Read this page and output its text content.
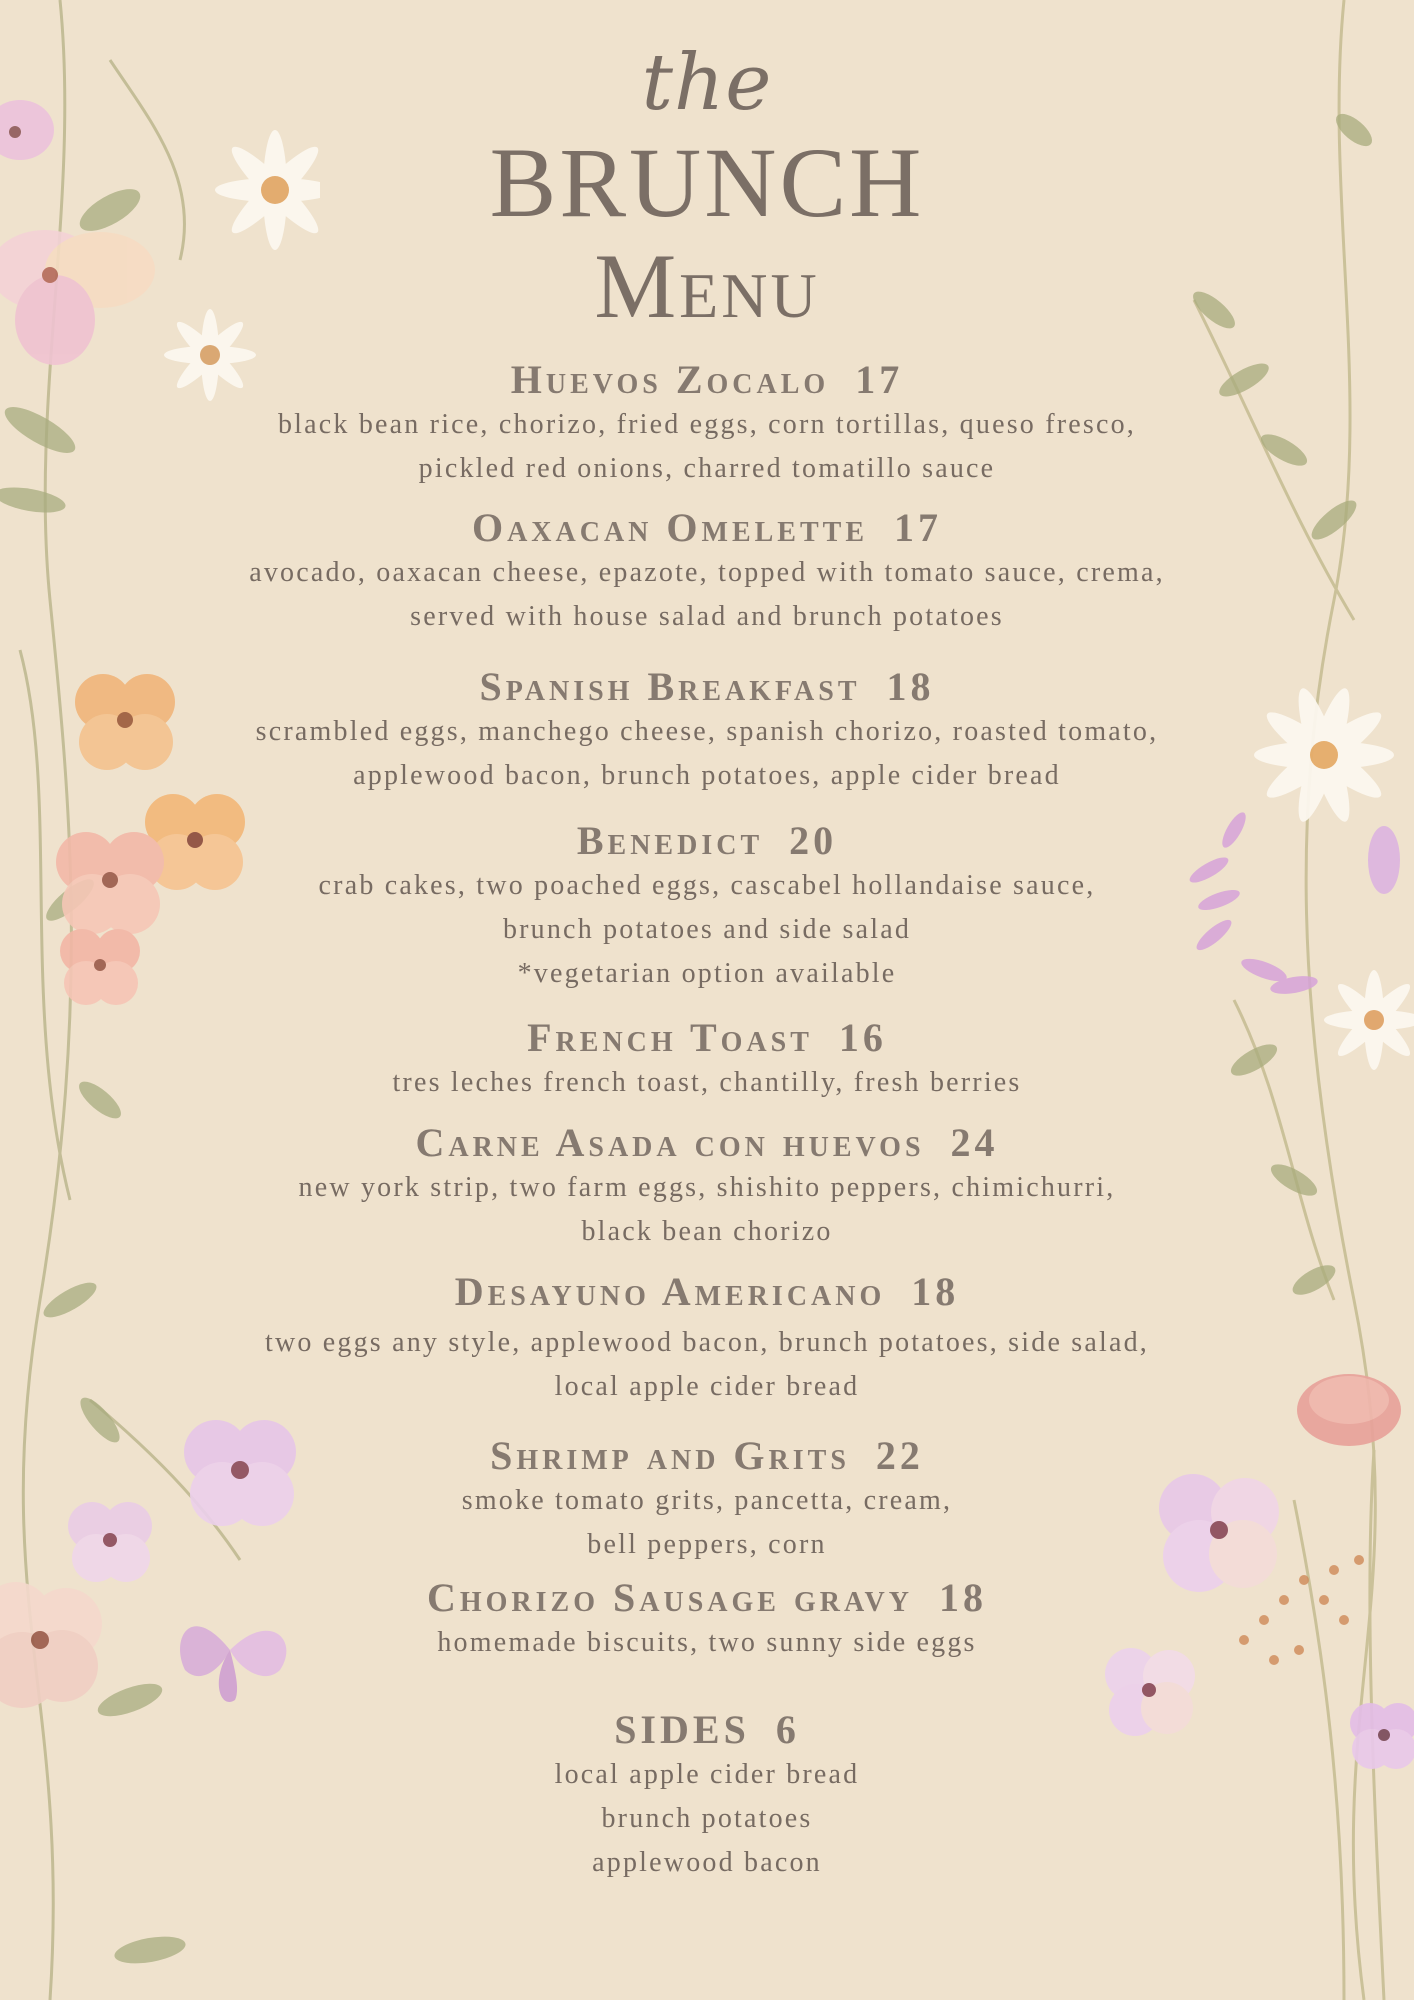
the
BRUNCH
Menu
Huevos Zocalo 17
black bean rice, chorizo, fried eggs, corn tortillas, queso fresco,
pickled red onions, charred tomatillo sauce
Oaxacan Omelette 17
avocado, oaxacan cheese, epazote, topped with tomato sauce, crema,
served with house salad and brunch potatoes
Spanish Breakfast 18
scrambled eggs, manchego cheese, spanish chorizo, roasted tomato,
applewood bacon, brunch potatoes, apple cider bread
Benedict 20
crab cakes, two poached eggs, cascabel hollandaise sauce,
brunch potatoes and side salad
*vegetarian option available
French Toast 16
tres leches french toast, chantilly, fresh berries
Carne Asada con huevos 24
new york strip, two farm eggs, shishito peppers, chimichurri,
black bean chorizo
Desayuno Americano 18
two eggs any style, applewood bacon, brunch potatoes, side salad,
local apple cider bread
Shrimp and Grits 22
smoke tomato grits, pancetta, cream,
bell peppers, corn
Chorizo Sausage gravy 18
homemade biscuits, two sunny side eggs
SIDES 6
local apple cider bread
brunch potatoes
applewood bacon
